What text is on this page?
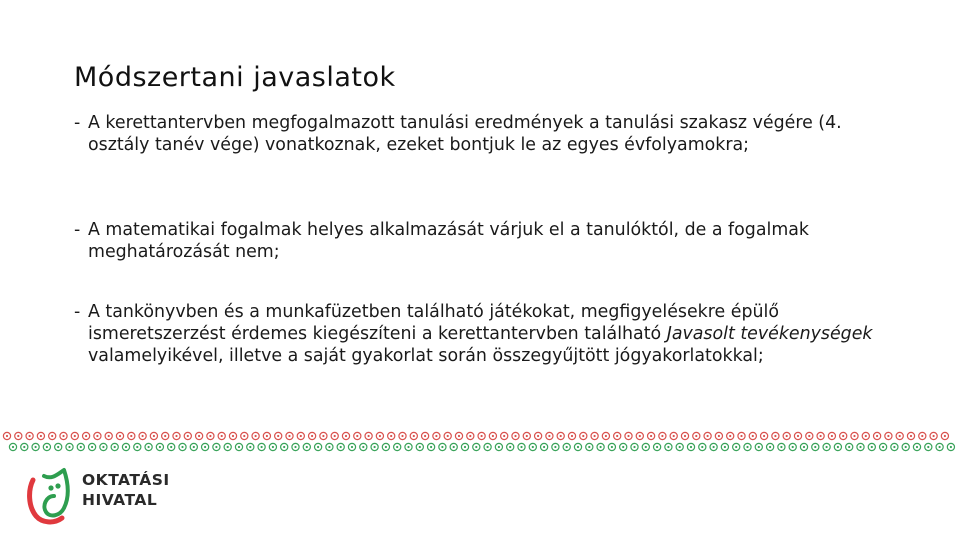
Módszertani javaslatok
- A kerettantervben megfogalmazott tanulási eredmények a tanulási szakasz végére (4. osztály tanév vége) vonatkoznak, ezeket bontjuk le az egyes évfolyamokra;
- A matematikai fogalmak helyes alkalmazását várjuk el a tanulóktól, de a fogalmak meghatározását nem;
- A tankönyvben és a munkafüzetben található játékokat, megfigyelésekre épülő ismeretszerzést érdemes kiegészíteni a kerettantervben található Javasolt tevékenységek valamelyikével, illetve a saját gyakorlat során összegyűjtött jógyakorlatokkal;
OKTATÁSI
HIVATAL
